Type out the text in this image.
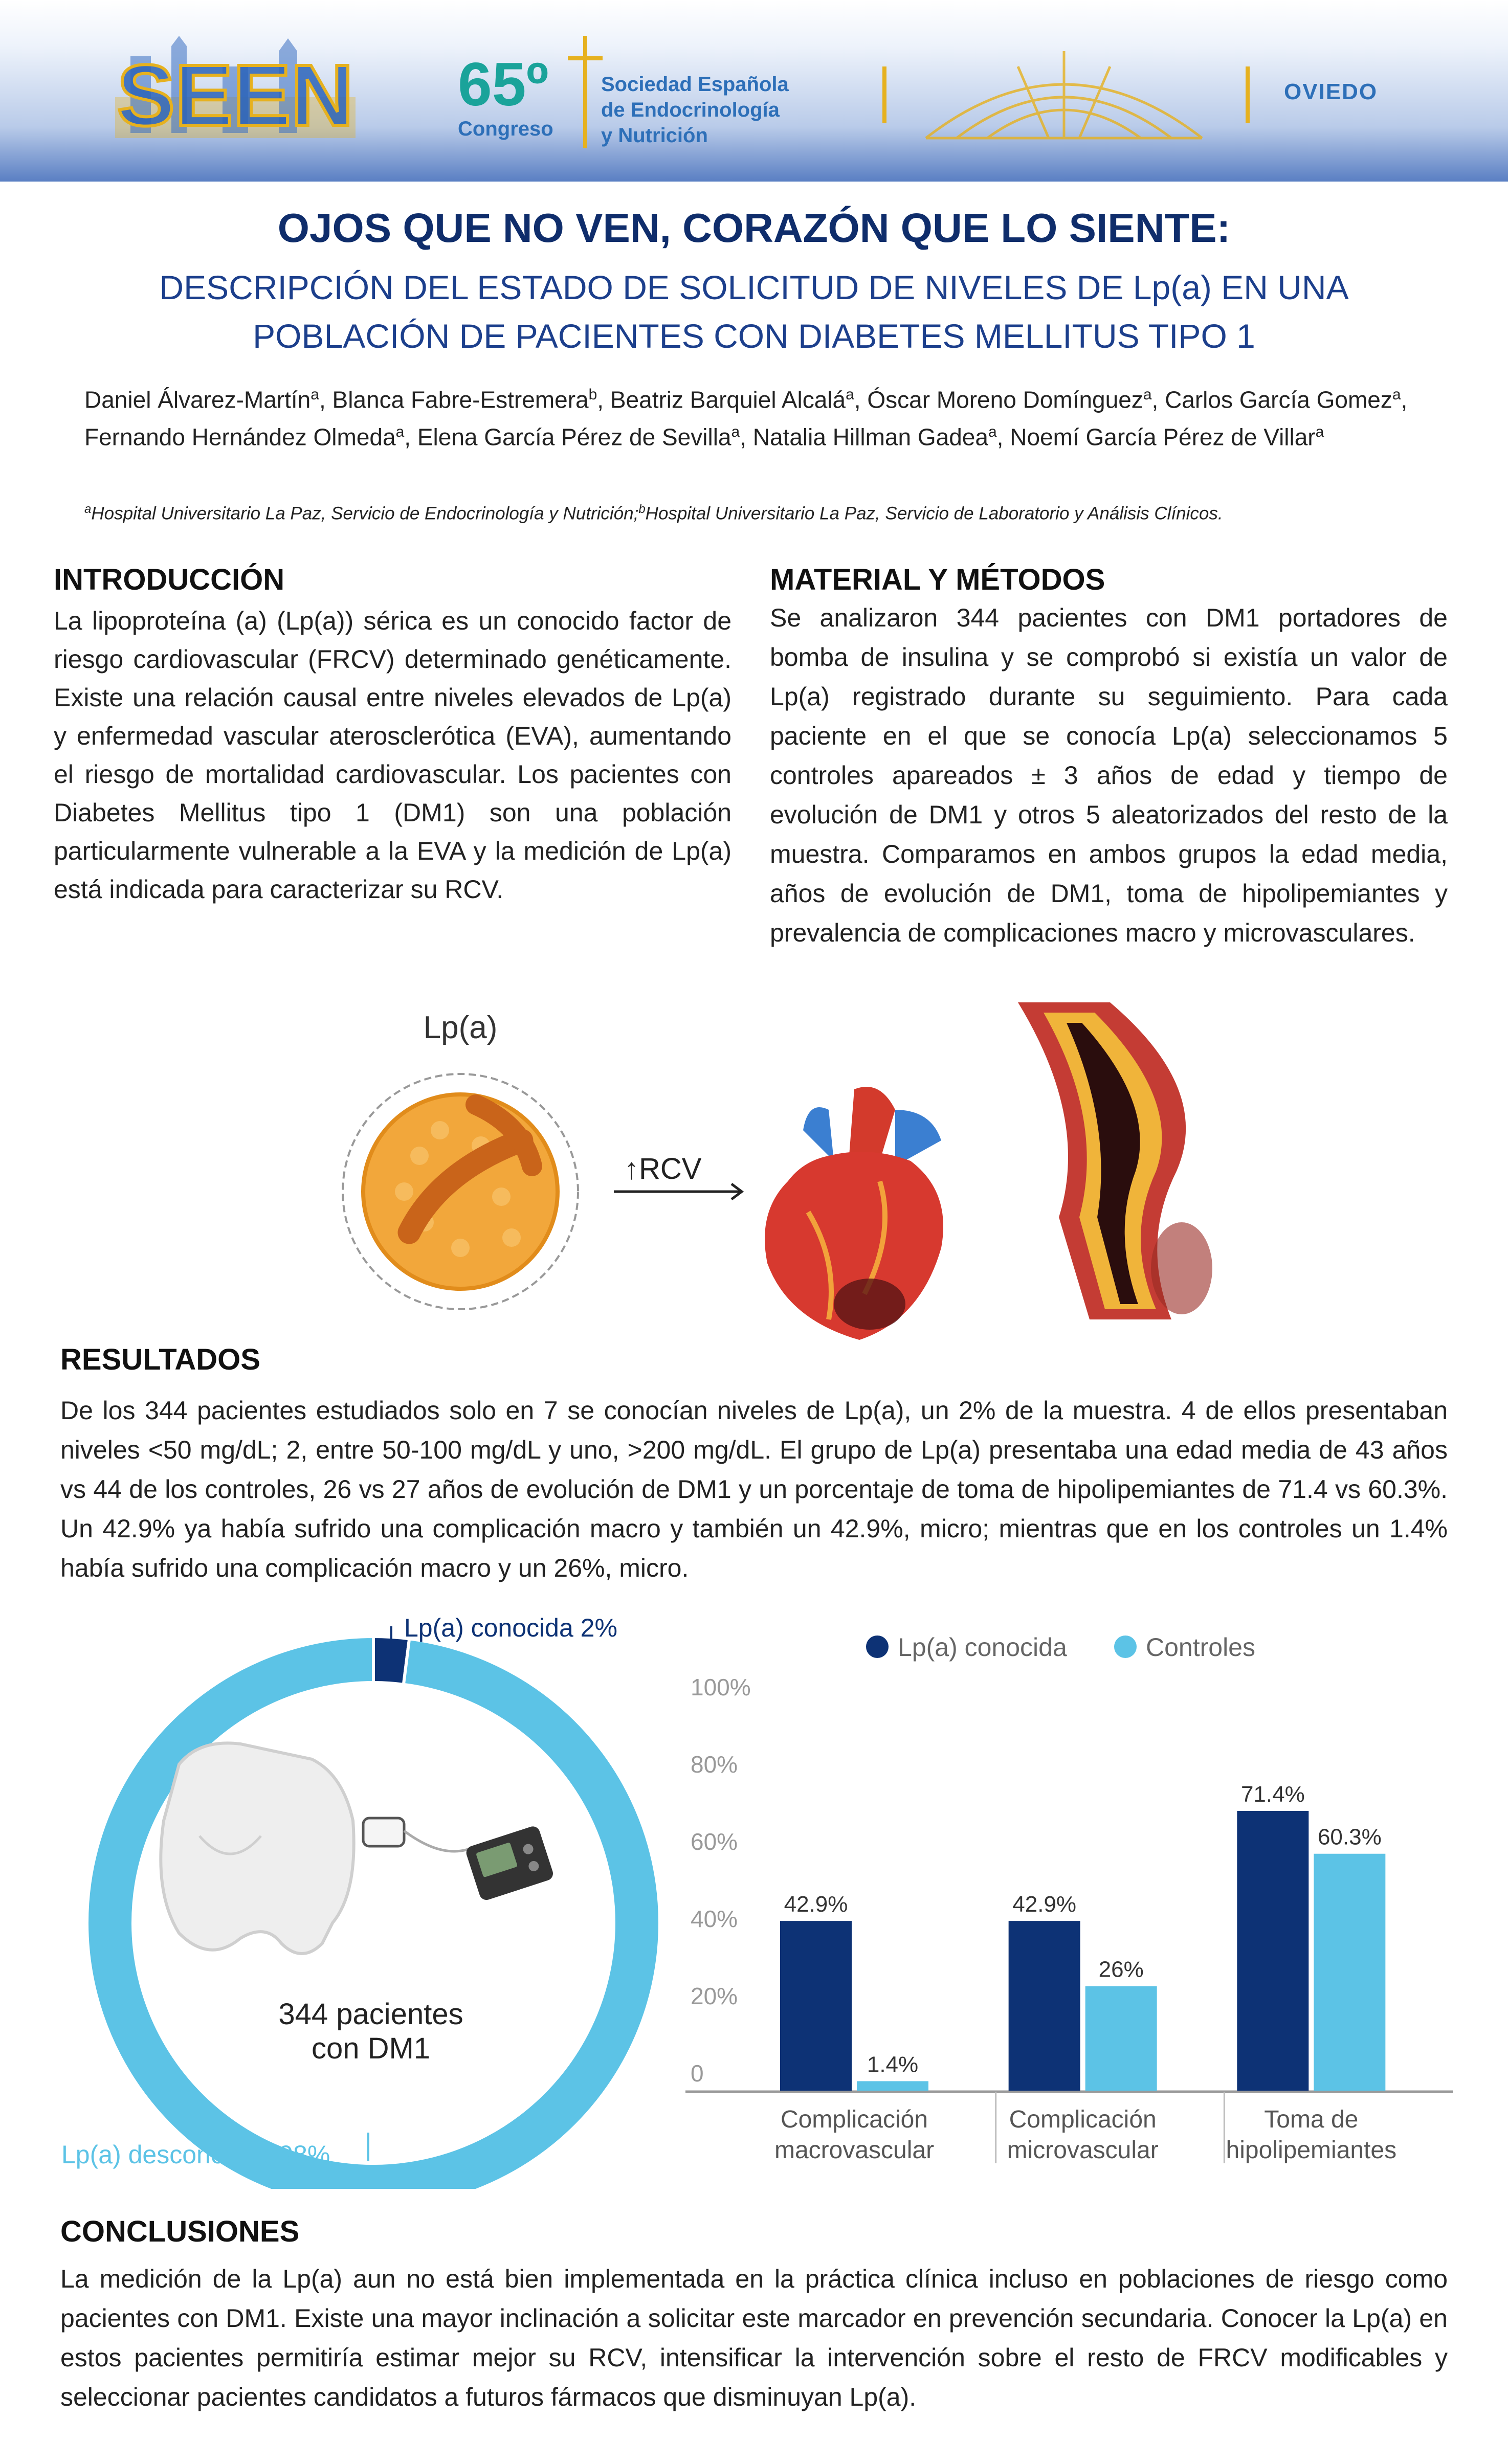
SEEN 65º
Congreso
Sociedad Española
de Endocrinología
y Nutrición
OVIEDO
OJOS QUE NO VEN, CORAZÓN QUE LO SIENTE:
DESCRIPCIÓN DEL ESTADO DE SOLICITUD DE NIVELES DE Lp(a) EN UNA
POBLACIÓN DE PACIENTES CON DIABETES MELLITUS TIPO 1
Daniel Álvarez-Martín$^a$, Blanca Fabre-Estremera$^b$, Beatriz Barquiel Alcalá$^a$, Óscar Moreno Domínguez$^a$, Carlos García Gomez$^a$, Fernando Hernández Olmeda$^a$, Elena García Pérez de Sevilla$^a$, Natalia Hillman Gadea$^a$, Noemí García Pérez de Villar$^a$
$^a$Hospital Universitario La Paz, Servicio de Endocrinología y Nutrición;$^b$Hospital Universitario La Paz, Servicio de Laboratorio y Análisis Clínicos.
INTRODUCCIÓN
La lipoproteína (a) (Lp(a)) sérica es un conocido factor de riesgo cardiovascular (FRCV) determinado genéticamente. Existe una relación causal entre niveles elevados de Lp(a) y enfermedad vascular aterosclerótica (EVA), aumentando el riesgo de mortalidad cardiovascular. Los pacientes con Diabetes Mellitus tipo 1 (DM1) son una población particularmente vulnerable a la EVA y la medición de Lp(a) está indicada para caracterizar su RCV.
MATERIAL Y MÉTODOS
Se analizaron 344 pacientes con DM1 portadores de bomba de insulina y se comprobó si existía un valor de Lp(a) registrado durante su seguimiento. Para cada paciente en el que se conocía Lp(a) seleccionamos 5 controles apareados ± 3 años de edad y tiempo de evolución de DM1 y otros 5 aleatorizados del resto de la muestra. Comparamos en ambos grupos la edad media, años de evolución de DM1, toma de hipolipemiantes y prevalencia de complicaciones macro y microvasculares.
Lp(a)
↑RCV
RESULTADOS
De los 344 pacientes estudiados solo en 7 se conocían niveles de Lp(a), un 2% de la muestra. 4 de ellos presentaban niveles <50 mg/dL; 2, entre 50-100 mg/dL y uno, >200 mg/dL. El grupo de Lp(a) presentaba una edad media de 43 años vs 44 de los controles, 26 vs 27 años de evolución de DM1 y un porcentaje de toma de hipolipemiantes de 71.4 vs 60.3%. Un 42.9% ya había sufrido una complicación macro y también un 42.9%, micro; mientras que en los controles un 1.4% había sufrido una complicación macro y un 26%, micro.
344 pacientes
con DM1
Lp(a) conocida 2%
Lp(a) desconocida 98%
Lp(a) conocida	Controles
0
20%
40%
60%
80%
100%
Complicación
macrovascular
Complicación
microvascular
Toma de
hipolipemiantes
42.9%
1.4%
42.9%
26%
71.4%
60.3%
CONCLUSIONES
La medición de la Lp(a) aun no está bien implementada en la práctica clínica incluso en poblaciones de riesgo como pacientes con DM1. Existe una mayor inclinación a solicitar este marcador en prevención secundaria. Conocer la Lp(a) en estos pacientes permitiría estimar mejor su RCV, intensificar la intervención sobre el resto de FRCV modificables y seleccionar pacientes candidatos a futuros fármacos que disminuyan Lp(a).
